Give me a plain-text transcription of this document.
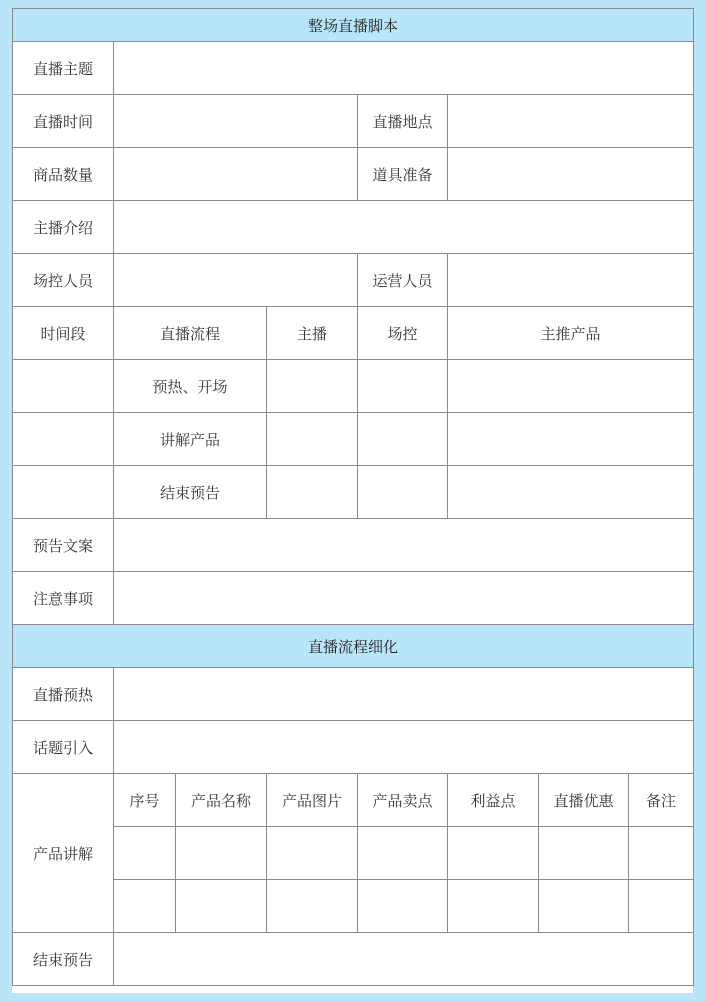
整场直播脚本				
直播主题				
直播时间			直播地点	
商品数量			道具准备	
主播介绍				
场控人员			运营人员	
时间段	直播流程	主播	场控	主推产品
	预热、开场			
	讲解产品			
	结束预告			
预告文案				
注意事项				
直播流程细化							
直播预热							
话题引入							
产品讲解	序号	产品名称	产品图片	产品卖点	利益点	直播优惠	备注

结束预告							
